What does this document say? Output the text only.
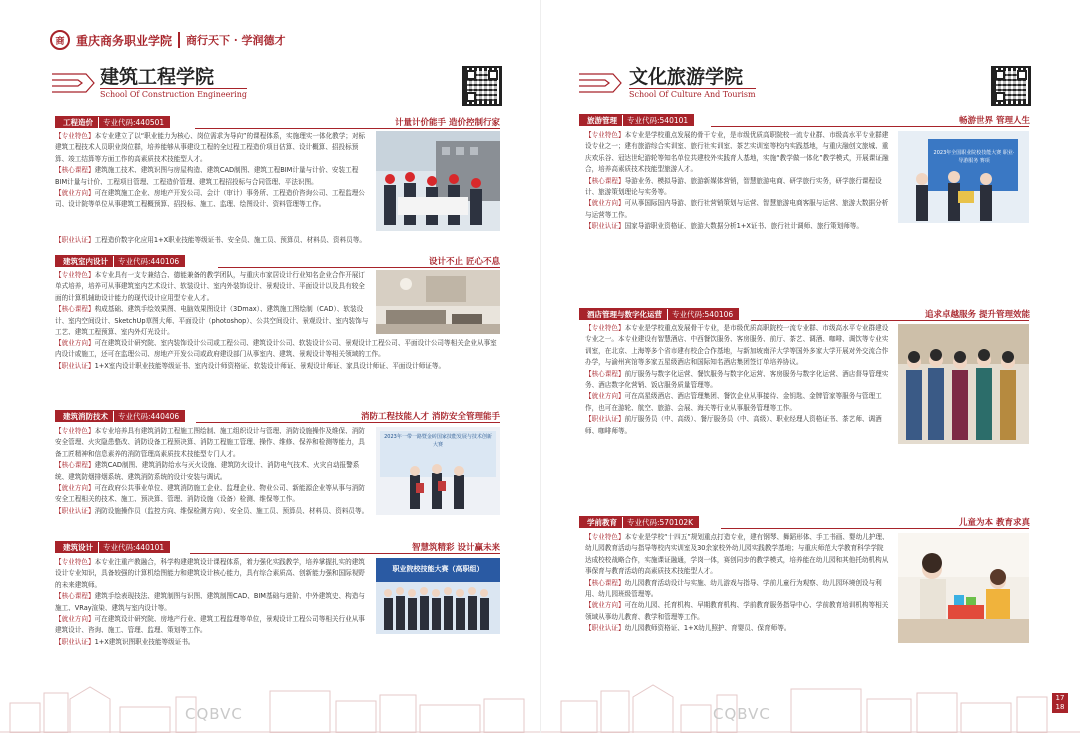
商 重庆商务职业学院	商行天下 · 学润德才
建筑工程学院
School Of Construction Engineering
工程造价	专业代码:440501	计量计价能手 造价控制行家

【专业特色】本专业建立了以“职业能力为核心、岗位需求为导向”的课程体系，实施理实一体化教学；对标建筑工程技术人员职业岗位群，培养能够从事建设工程的全过程工程造价项目估算、设计概算、招投标预算、竣工结算等方面工作的高素质技术技能型人才。

【核心课程】建筑施工技术、建筑识图与房屋构造、建筑CAD制图、建筑工程BIM计量与计价、安装工程BIM计量与计价、工程项目管理、工程造价管理、建筑工程招投标与合同管理、平法识图。

【就业方向】可在建筑施工企业、房地产开发公司、会计（审计）事务所、工程造价咨询公司、工程监理公司、设计院等单位从事建筑工程概预算、招投标、施工、监理、绘图设计、资料管理等工作。

【职业认证】工程造价数字化应用1+X职业技能等级证书、安全员、施工员、预算员、材料员、资料员等。

建筑室内设计	专业代码:440106	设计不止 匠心不息

【专业特色】本专业具有一支专兼结合、德能兼备的教学团队，与重庆市家居设计行业知名企业合作开展订单式培养，培养可从事建筑室内艺术设计、软装设计、室内外装饰设计、景观设计、平面设计以及具有较全面的计算机辅助设计能力的现代设计应用型专业人才。

【核心课程】构成基础、建筑手绘效果图、电脑效果图设计（3Dmax）、建筑施工图绘制（CAD）、软装设计、室内空间设计、SketchUp草图大师、平面设计（photoshop）、公共空间设计、景观设计、室内装饰与工艺、建筑工程预算、室内外灯光设计。

【就业方向】可在建筑设计研究院、室内装饰设计公司或工程公司、建筑设计公司、软装设计公司、景观设计工程公司、平面设计公司等相关企业从事室内设计或施工，还可在监理公司、房地产开发公司或政府建设部门从事室内、建筑、景观设计等相关领域的工作。

【职业认证】1+X室内设计职业技能等级证书、室内设计师资格证、软装设计师证、景观设计师证、家具设计师证、平面设计师证等。

建筑消防技术	专业代码:440406	消防工程技能人才 消防安全管理能手

【专业特色】本专业培养具有建筑消防工程施工图绘制、施工组织设计与管理、消防设施操作及维保、消防安全管理、火灾隐患整改、消防设备工程预决算、消防工程施工管理、操作、维修、保养和检测等能力，具备工匠精神和信息素养的消防管理高素质技术技能型专门人才。

【核心课程】建筑CAD制图、建筑消防给水与灭火设施、建筑防火设计、消防电气技术、火灾自动报警系统、建筑防烟排烟系统、建筑消防系统的设计安装与调试。

【就业方向】可在政府公共事业单位、建筑消防施工企业、监理企业、物业公司、新能源企业等从事与消防安全工程相关的技术、施工、预决算、管理、消防设施（设备）检测、维保等工作。

【职业认证】消防设施操作员（监控方向、维保检测方向）、安全员、施工员、预算员、材料员、资料员等。

2023年一带一路暨金砖国家技能发展与技术创新大赛
建筑设计	专业代码:440101	智慧筑精彩 设计赢未来

【专业特色】本专业注重产教融合，科学构建建筑设计课程体系，着力强化实践教学，培养掌握扎实的建筑设计专业知识，具备较强的计算机绘图能力和建筑设计核心能力，具有综合素质高、创新能力强和国际视野的未来建筑师。

【核心课程】建筑手绘表现技法、建筑制图与识图、建筑制图CAD、BIM基础与进阶、中外建筑史、构造与施工、VRay渲染、建筑与室内设计等。

【就业方向】可在建筑设计研究院、房地产行业、建筑工程监理等单位，景观设计工程公司等相关行业从事建筑设计、咨询、施工、管理、监理、策划等工作。

【职业认证】1+X建筑识图职业技能等级证书。

职业院校技能大赛（高职组）
CQBVC
文化旅游学院
School Of Culture And Tourism
旅游管理	专业代码:540101	畅游世界 管理人生

【专业特色】本专业是学校重点发展的骨干专业，是市级优质高职院校一流专业群、市级高水平专业群建设专业之一；建有旅游综合实训室、旅行社实训室、茶艺实训室等校内实践基地，与重庆融创文旅城、重庆欢乐谷、冠达世纪游轮等知名单位共建校外实践育人基地，实施“教学做一体化”教学模式，开展课证融合，培养高素质技术技能型旅游人才。

【核心课程】导游业务、模拟导游、旅游新媒体营销，智慧旅游电商、研学旅行实务，研学旅行课程设计、旅游策划理论与实务等。

【就业方向】可从事国际国内导游、旅行社营销策划与运营、智慧旅游电商客服与运营、旅游大数据分析与运营等工作。

【职业认证】国家导游职业资格证、旅游大数据分析1+X证书、旅行社计调师、旅行策划师等。

2023年全国职业院校技能大赛 职业·导游服务 赛项
酒店管理与数字化运营	专业代码:540106	追求卓越服务 提升管理效能

【专业特色】本专业是学校重点发展骨干专业，是市级优质高职院校一流专业群、市级高水平专业群建设专业之一。本专业建设有智慧酒店、中西餐饮服务、客房服务、前厅、茶艺、调酒、咖啡、调饮等专业实训室，在北京、上海等多个省市建有校企合作基地，与新加坡南洋大学等国外多家大学开展对外交流合作办学，与渝州宾馆等多家五星级酒店和国际知名酒店集团签订单培养协议。

【核心课程】前厅服务与数字化运营、餐饮服务与数字化运营、客房服务与数字化运营、酒店督导管理实务、酒店数字化营销、饭店服务质量管理等。

【就业方向】可在高星级酒店、酒店管理集团、餐饮企业从事接待、金钥匙、金牌管家等服务与管理工作，也可在游轮、航空、旅游、会展、海关等行业从事服务管理等工作。

【职业认证】前厅服务员（中、高级）、餐厅服务员（中、高级）、职业经理人资格证书、茶艺师、调酒师、咖啡师等。

学前教育	专业代码:570102K	儿童为本 教育求真

【专业特色】本专业是学校“十四五”规划重点打造专业，建有钢琴、舞蹈形体、手工书画、婴幼儿护理、幼儿园教育活动与指导等校内实训室及30余家校外幼儿园实践教学基地；与重庆师范大学教育科学学院达成校校战略合作，实施课证融通，学岗一体，赛创同步的教学模式，培养能在幼儿园和其他托幼机构从事保育与教育活动的高素质技术技能型人才。

【核心课程】幼儿园教育活动设计与实施、幼儿游戏与指导、学前儿童行为观察、幼儿园环境创设与利用、幼儿园班级管理等。

【就业方向】可在幼儿园、托育机构、早期教育机构、学前教育服务指导中心、学前教育培训机构等相关领域从事幼儿教育、教学和管理等工作。

【职业认证】幼儿园教师资格证、1+X幼儿照护、育婴员、保育师等。

CQBVC
17
18
